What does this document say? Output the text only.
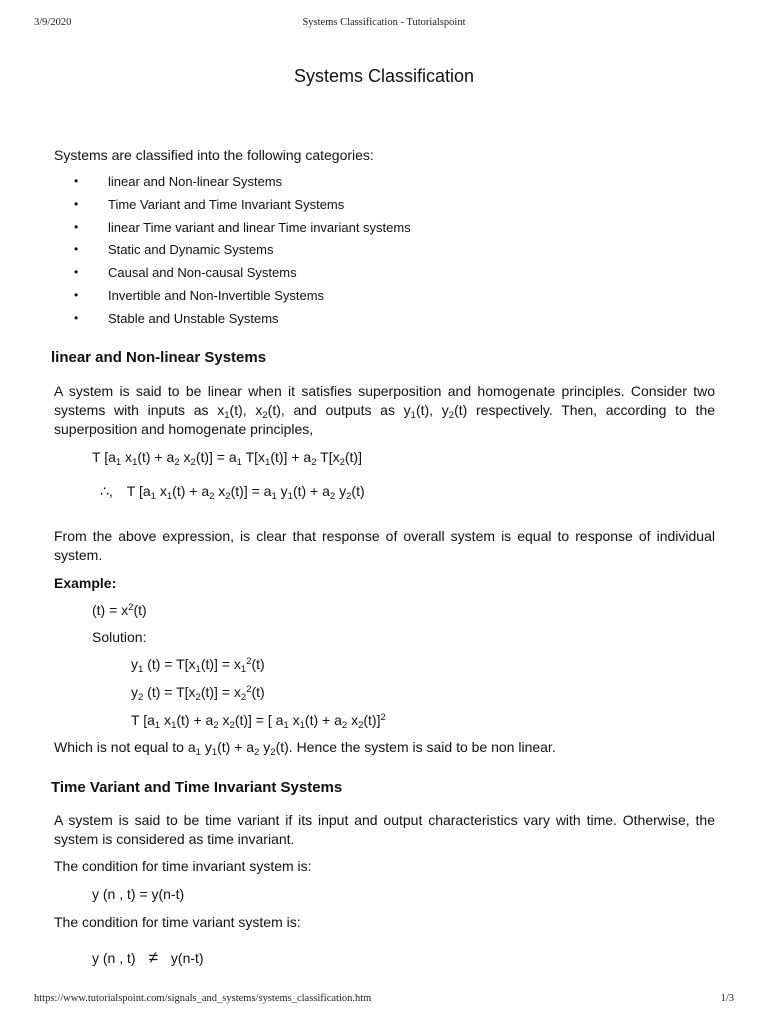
3/9/2020	Systems Classification - Tutorialspoint
Systems Classification
Systems are classified into the following categories:
• linear and Non-linear Systems
• Time Variant and Time Invariant Systems
• linear Time variant and linear Time invariant systems
• Static and Dynamic Systems
• Causal and Non-causal Systems
• Invertible and Non-Invertible Systems
• Stable and Unstable Systems
linear and Non-linear Systems
A system is said to be linear when it satisfies superposition and homogenate principles. Consider two systems with inputs as $x_1(t)$, $x_2(t)$, and outputs as $y_1(t)$, $y_2(t)$ respectively. Then, according to the superposition and homogenate principles,
T [$a_1$ $x_1(t) + a_2$ $x_2(t)] = a_1$ $T[x_1(t)] + a_2$ $T[x_2(t)]$
∴, T [$a_1$ $x_1(t) + a_2$ $x_2(t)] = a_1$ $y_1(t) + a_2$ $y_2(t)$
From the above expression, is clear that response of overall system is equal to response of individual system.
Example:
$(t) = x^2(t)$
Solution:
$y_1$ $(t) = T[x_1(t)] = x_1^2(t)$
$y_2$ $(t) = T[x_2(t)] = x_2^2(t)$
T [$a_1$ $x_1(t) + a_2$ $x_2(t)$] = [ $a_1$ $x_1(t) + a_2$ $x_2(t)]^2$
Which is not equal to $a_1$ $y_1(t) + a_2$ $y_2(t)$. Hence the system is said to be non linear.
Time Variant and Time Invariant Systems
A system is said to be time variant if its input and output characteristics vary with time. Otherwise, the system is considered as time invariant.
The condition for time invariant system is:
y (n , t) = y(n-t)
The condition for time variant system is:
y (n , t) ≠ y(n-t)
https://www.tutorialspoint.com/signals_and_systems/systems_classification.htm	1/3
